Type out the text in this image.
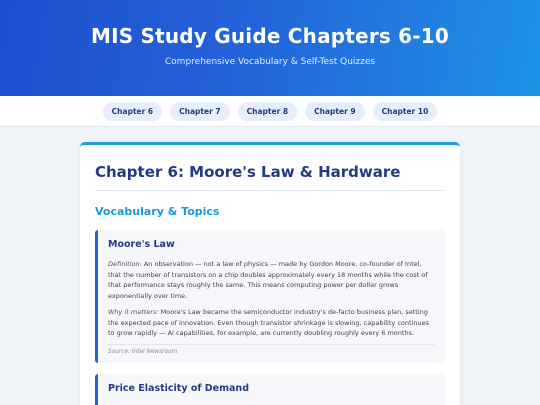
MIS Study Guide Chapters 6-10
Comprehensive Vocabulary & Self-Test Quizzes
Chapter 6	Chapter 7	Chapter 8	Chapter 9	Chapter 10
Chapter 6: Moore's Law & Hardware
Vocabulary & Topics
Moore's Law

Definition: An observation — not a law of physics — made by Gordon Moore, co-founder of Intel, that the number of transistors on a chip doubles approximately every 18 months while the cost of that performance stays roughly the same. This means computing power per dollar grows exponentially over time.

Why it matters: Moore's Law became the semiconductor industry's de-facto business plan, setting the expected pace of innovation. Even though transistor shrinkage is slowing, capability continues to grow rapidly — AI capabilities, for example, are currently doubling roughly every 6 months.

Source: Intel Newsroom
Price Elasticity of Demand
